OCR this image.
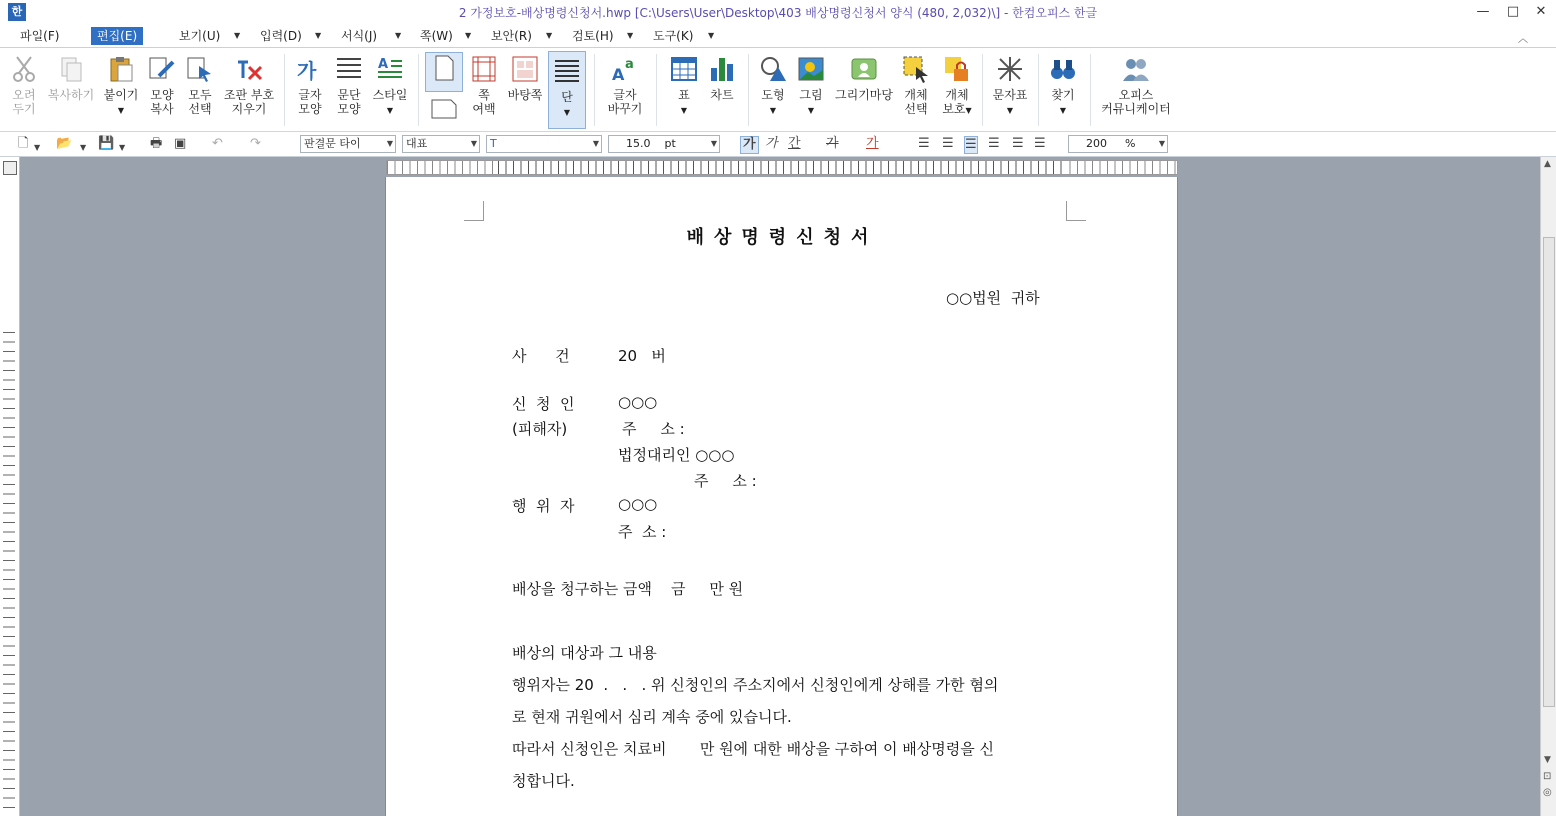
한	2 가정보호-배상명령신청서.hwp [C:\Users\User\Desktop\403 배상명령신청서 양식 (480, 2,032)\] - 한컴오피스 한글	—	□	✕
파일(F)	편집(E)	▼ 보기(U) ▼ 입력(D) ▼ 서식(J) ▼ 쪽(W) ▼ 보안(R) ▼ 검토(H) ▼ 도구(K) ▼	︿
오려
두기
복사하기 붙이기
▼
모양
복사
모두
선택
조판 부호
지우기
가
글자
모양
문단
모양
A
스타일
▼
쪽
여백
바탕쪽	단
▼
A
a
글자
바꾸기
표
▼
차트	도형
▼
그림
▼
그리기마당 개체
선택
개체
보호▼
문자표
▼
찾기
▼
오피스
커뮤니케이터
🗋 ▼ 📂 ▼ 💾 ▼ 🖶 ▣ ↶ ↷	판결문 타이	▼	대표	▼	T	▼	15.0 pt	▼ 가 가 간 가 가	☰ ☰ ☰ ☰ ☰ ☰	200 %	▼
배상명령신청서
○○법원  귀하
사      건	20   버
신  청  인	○○○
(피해자)	주     소 :
법정대리인 ○○○
주     소 :
행  위  자	○○○
주  소 :
배상을 청구하는 금액    금     만 원
배상의 대상과 그 내용
행위자는 20  .   .   . 위 신청인의 주소지에서 신청인에게 상해를 가한 혐의
로 현재 귀원에서 심리 계속 중에 있습니다.
따라서 신청인은 치료비       만 원에 대한 배상을 구하여 이 배상명령을 신
청합니다.
▲
▼
⊡
◎
